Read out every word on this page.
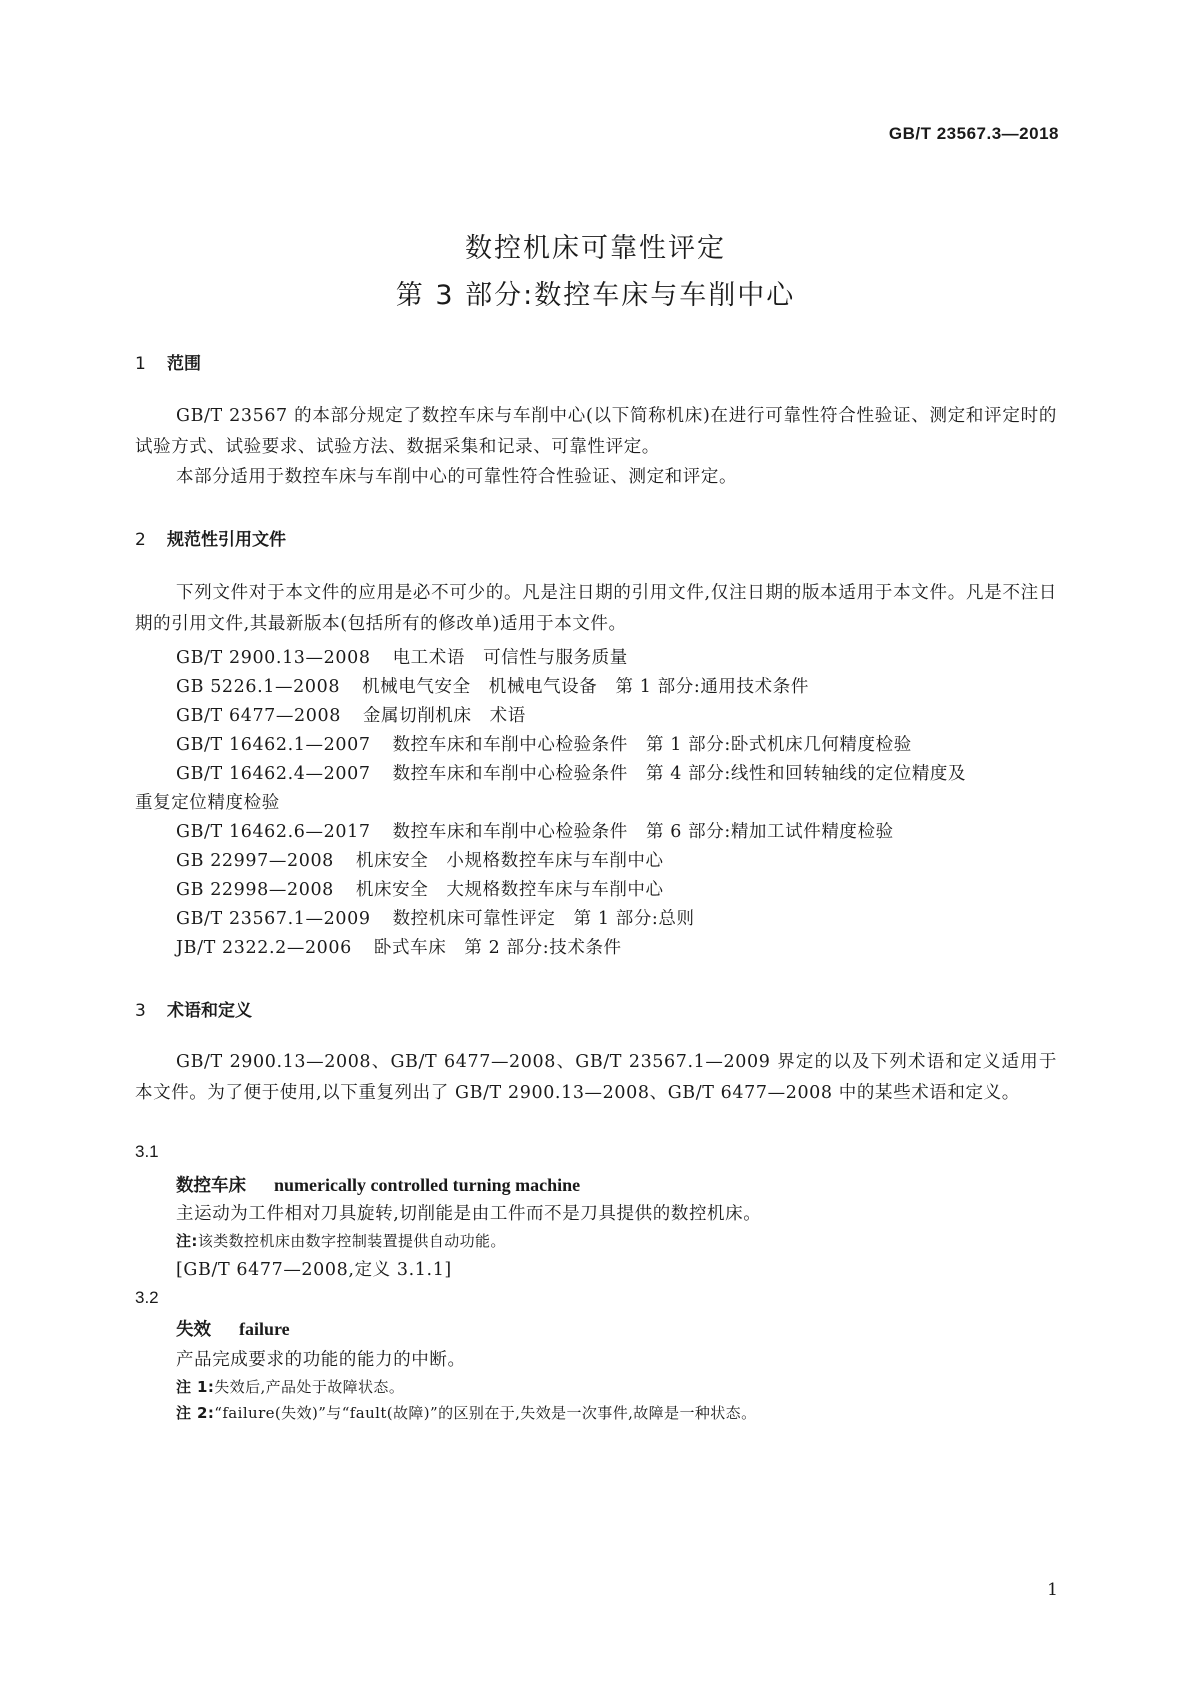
GB/T 23567.3—2018
数控机床可靠性评定
第 3 部分:数控车床与车削中心
1 范围
GB/T 23567 的本部分规定了数控车床与车削中心(以下简称机床)在进行可靠性符合性验证、测定和评定时的试验方式、试验要求、试验方法、数据采集和记录、可靠性评定。
本部分适用于数控车床与车削中心的可靠性符合性验证、测定和评定。
2 规范性引用文件
下列文件对于本文件的应用是必不可少的。凡是注日期的引用文件,仅注日期的版本适用于本文件。凡是不注日期的引用文件,其最新版本(包括所有的修改单)适用于本文件。
GB/T 2900.13—2008 电工术语　可信性与服务质量
GB 5226.1—2008 机械电气安全　机械电气设备　第 1 部分:通用技术条件
GB/T 6477—2008 金属切削机床　术语
GB/T 16462.1—2007 数控车床和车削中心检验条件　第 1 部分:卧式机床几何精度检验
GB/T 16462.4—2007 数控车床和车削中心检验条件　第 4 部分:线性和回转轴线的定位精度及
重复定位精度检验
GB/T 16462.6—2017 数控车床和车削中心检验条件　第 6 部分:精加工试件精度检验
GB 22997—2008 机床安全　小规格数控车床与车削中心
GB 22998—2008 机床安全　大规格数控车床与车削中心
GB/T 23567.1—2009 数控机床可靠性评定　第 1 部分:总则
JB/T 2322.2—2006 卧式车床　第 2 部分:技术条件
3 术语和定义
GB/T 2900.13—2008、GB/T 6477—2008、GB/T 23567.1—2009 界定的以及下列术语和定义适用于本文件。为了便于使用,以下重复列出了 GB/T 2900.13—2008、GB/T 6477—2008 中的某些术语和定义。
3.1
数控车床 numerically controlled turning machine
主运动为工件相对刀具旋转,切削能是由工件而不是刀具提供的数控机床。
注:该类数控机床由数字控制装置提供自动功能。
[GB/T 6477—2008,定义 3.1.1]
3.2
失效 failure
产品完成要求的功能的能力的中断。
注 1:失效后,产品处于故障状态。
注 2:“failure(失效)”与“fault(故障)”的区别在于,失效是一次事件,故障是一种状态。
1
